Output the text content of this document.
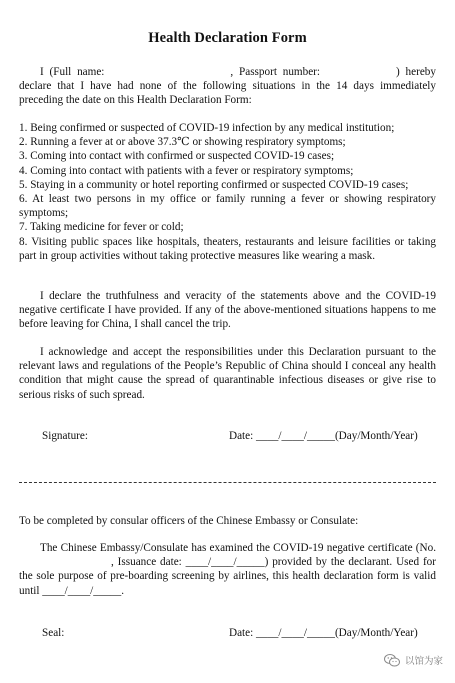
Health Declaration Form
I (Full name:	, Passport number:	) hereby declare that I have had none of the following situations in the 14 days immediately preceding the date on this Health Declaration Form:

1. Being confirmed or suspected of COVID-19 infection by any medical institution;

2. Running a fever at or above 37.3℃ or showing respiratory symptoms;

3. Coming into contact with confirmed or suspected COVID-19 cases;

4. Coming into contact with patients with a fever or respiratory symptoms;

5. Staying in a community or hotel reporting confirmed or suspected COVID-19 cases;

6. At least two persons in my office or family running a fever or showing respiratory symptoms;

7. Taking medicine for fever or cold;

8. Visiting public spaces like hospitals, theaters, restaurants and leisure facilities or taking part in group activities without taking protective measures like wearing a mask.

I declare the truthfulness and veracity of the statements above and the COVID-19 negative certificate I have provided. If any of the above-mentioned situations happens to me before leaving for China, I shall cancel the trip.
I acknowledge and accept the responsibilities under this Declaration pursuant to the relevant laws and regulations of the People’s Republic of China should I conceal any health condition that might cause the spread of quarantinable infectious diseases or give rise to serious risks of such spread.
Signature:	Date: ____/____/_____(Day/Month/Year)
To be completed by consular officers of the Chinese Embassy or Consulate:
The Chinese Embassy/Consulate has examined the COVID-19 negative certificate (No., Issuance date: ____/____/_____) provided by the declarant. Used for the sole purpose of pre-boarding screening by airlines, this health declaration form is valid until ____/____/_____.
Seal:	Date: ____/____/_____(Day/Month/Year)
以馆为家
